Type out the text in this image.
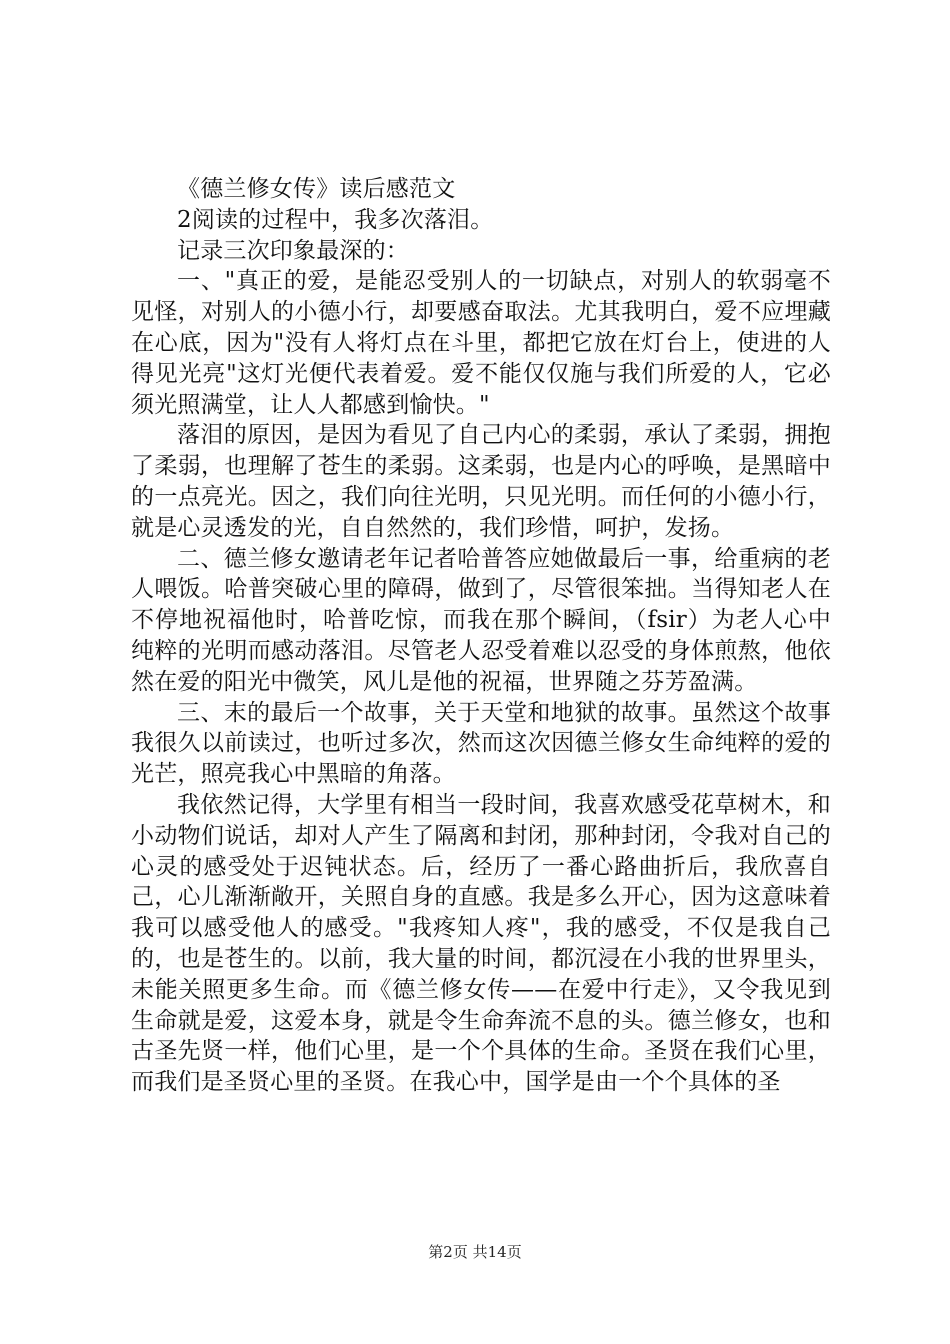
《德兰修女传》读后感范文

2阅读的过程中，我多次落泪。

记录三次印象最深的：

一、"真正的爱，是能忍受别人的一切缺点，对别人的软弱毫不见怪，对别人的小德小行，却要感奋取法。尤其我明白，爱不应埋藏在心底，因为"没有人将灯点在斗里，都把它放在灯台上，使进的人得见光亮"这灯光便代表着爱。爱不能仅仅施与我们所爱的人，它必须光照满堂，让人人都感到愉快。"

落泪的原因，是因为看见了自己内心的柔弱，承认了柔弱，拥抱了柔弱，也理解了苍生的柔弱。这柔弱，也是内心的呼唤，是黑暗中的一点亮光。因之，我们向往光明，只见光明。而任何的小德小行，就是心灵透发的光，自自然然的，我们珍惜，呵护，发扬。

二、德兰修女邀请老年记者哈普答应她做最后一事，给重病的老人喂饭。哈普突破心里的障碍，做到了，尽管很笨拙。当得知老人在不停地祝福他时，哈普吃惊，而我在那个瞬间，（fsir）为老人心中纯粹的光明而感动落泪。尽管老人忍受着难以忍受的身体煎熬，他依然在爱的阳光中微笑，风儿是他的祝福，世界随之芬芳盈满。

三、末的最后一个故事，关于天堂和地狱的故事。虽然这个故事我很久以前读过，也听过多次，然而这次因德兰修女生命纯粹的爱的光芒，照亮我心中黑暗的角落。

我依然记得，大学里有相当一段时间，我喜欢感受花草树木，和小动物们说话，却对人产生了隔离和封闭，那种封闭，令我对自己的心灵的感受处于迟钝状态。后，经历了一番心路曲折后，我欣喜自己，心儿渐渐敞开，关照自身的直感。我是多么开心，因为这意味着我可以感受他人的感受。"我疼知人疼"，我的感受，不仅是我自己的，也是苍生的。以前，我大量的时间，都沉浸在小我的世界里头，未能关照更多生命。而《德兰修女传——在爱中行走》，又令我见到生命就是爱，这爱本身，就是令生命奔流不息的头。德兰修女，也和古圣先贤一样，他们心里，是一个个具体的生命。圣贤在我们心里，而我们是圣贤心里的圣贤。在我心中，国学是由一个个具体的圣

第2页 共14页
